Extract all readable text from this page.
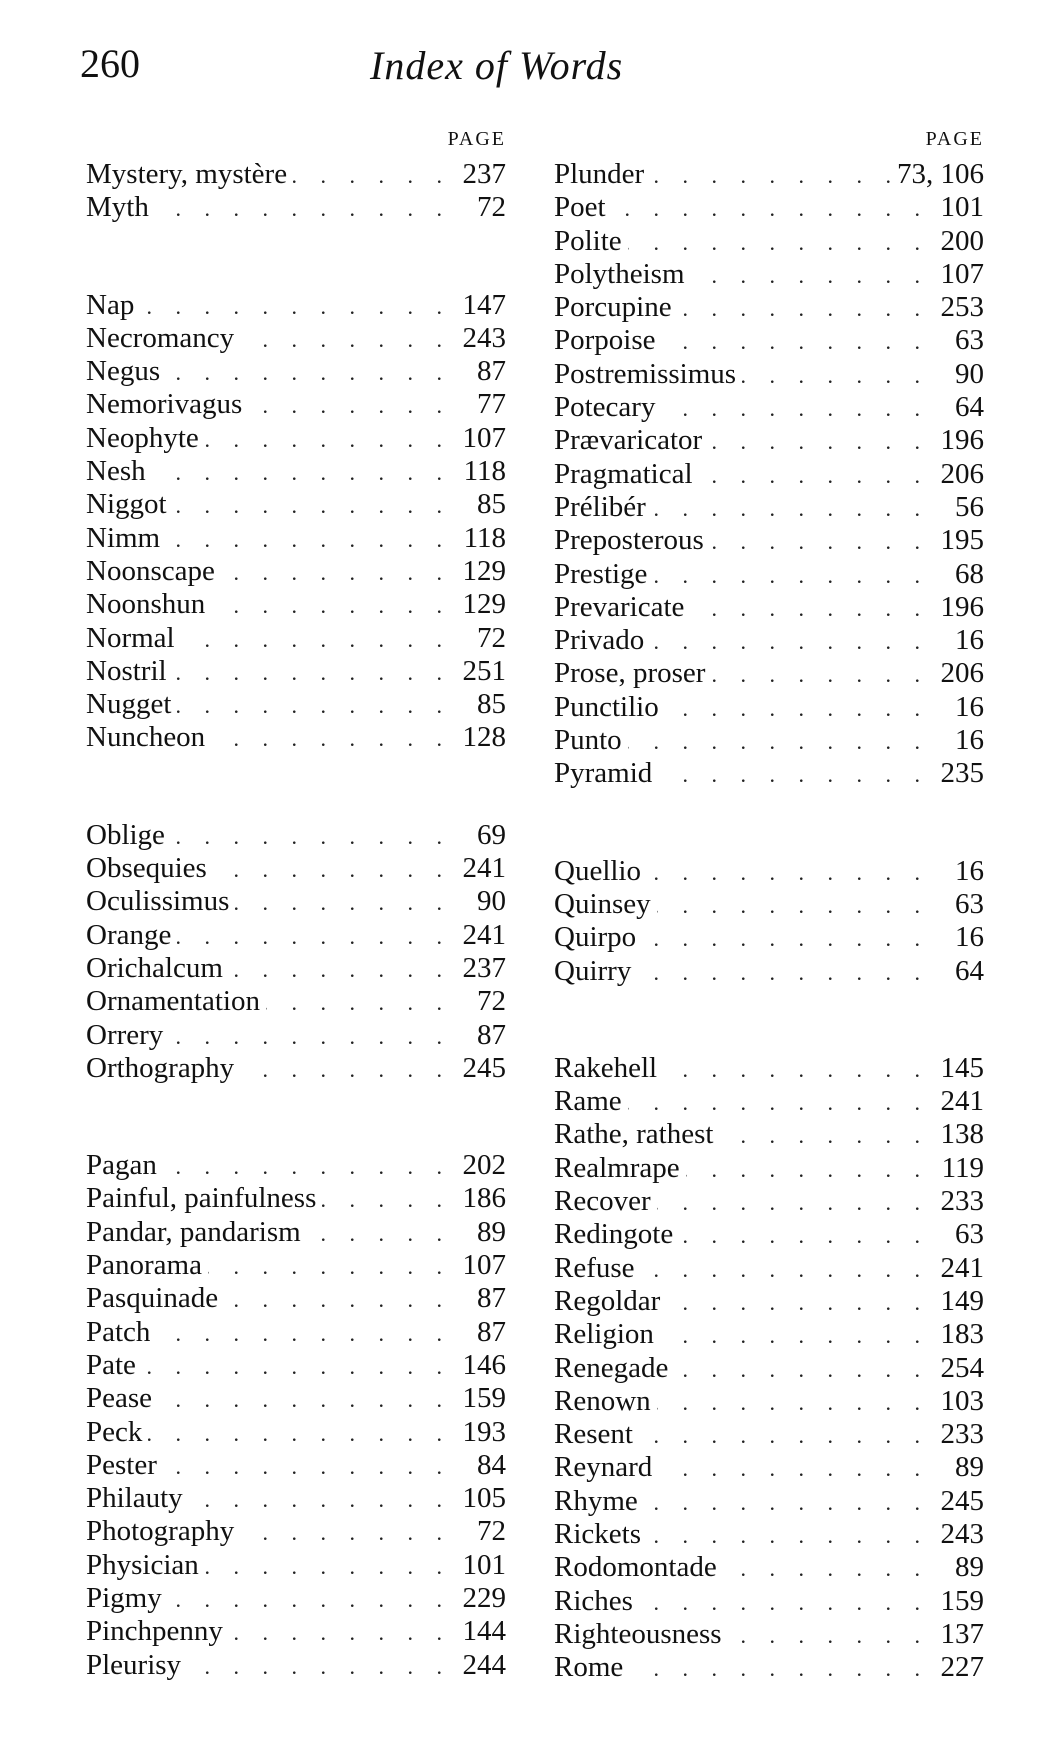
260	Index of Words
PAGE
Mystery, mystère . . .	237
Myth . . .	72
Nap . . .	147
Necromancy . . .	243
Negus . . .	87
Nemorivagus . . .	77
Neophyte . . .	107
Nesh . . .	118
Niggot . . .	85
Nimm . . .	118
Noonscape . . .	129
Noonshun . . .	129
Normal . . .	72
Nostril . . .	251
Nugget . . .	85
Nuncheon . . .	128
Oblige . . .	69
Obsequies . . .	241
Oculissimus . . .	90
Orange . . .	241
Orichalcum . . .	237
Ornamentation . . .	72
Orrery . . .	87
Orthography . . .	245
Pagan . . .	202
Painful, painfulness . . .	186
Pandar, pandarism . . .	89
Panorama . . .	107
Pasquinade . . .	87
Patch . . .	87
Pate . . .	146
Pease . . .	159
Peck . . .	193
Pester . . .	84
Philauty . . .	105
Photography . . .	72
Physician . . .	101
Pigmy . . .	229
Pinchpenny . . .	144
Pleurisy . . .	244
PAGE
Plunder . . .	73, 106
Poet . . .	101
Polite . . .	200
Polytheism . . .	107
Porcupine . . .	253
Porpoise . . .	63
Postremissimus . . .	90
Potecary . . .	64
Prævaricator . . .	196
Pragmatical . . .	206
Prélibér . . .	56
Preposterous . . .	195
Prestige . . .	68
Prevaricate . . .	196
Privado . . .	16
Prose, proser . . .	206
Punctilio . . .	16
Punto . . .	16
Pyramid . . .	235
Quellio . . .	16
Quinsey . . .	63
Quirpo . . .	16
Quirry . . .	64
Rakehell . . .	145
Rame . . .	241
Rathe, rathest . . .	138
Realmrape . . .	119
Recover . . .	233
Redingote . . .	63
Refuse . . .	241
Regoldar . . .	149
Religion . . .	183
Renegade . . .	254
Renown . . .	103
Resent . . .	233
Reynard . . .	89
Rhyme . . .	245
Rickets . . .	243
Rodomontade . . .	89
Riches . . .	159
Righteousness . . .	137
Rome . . .	227
